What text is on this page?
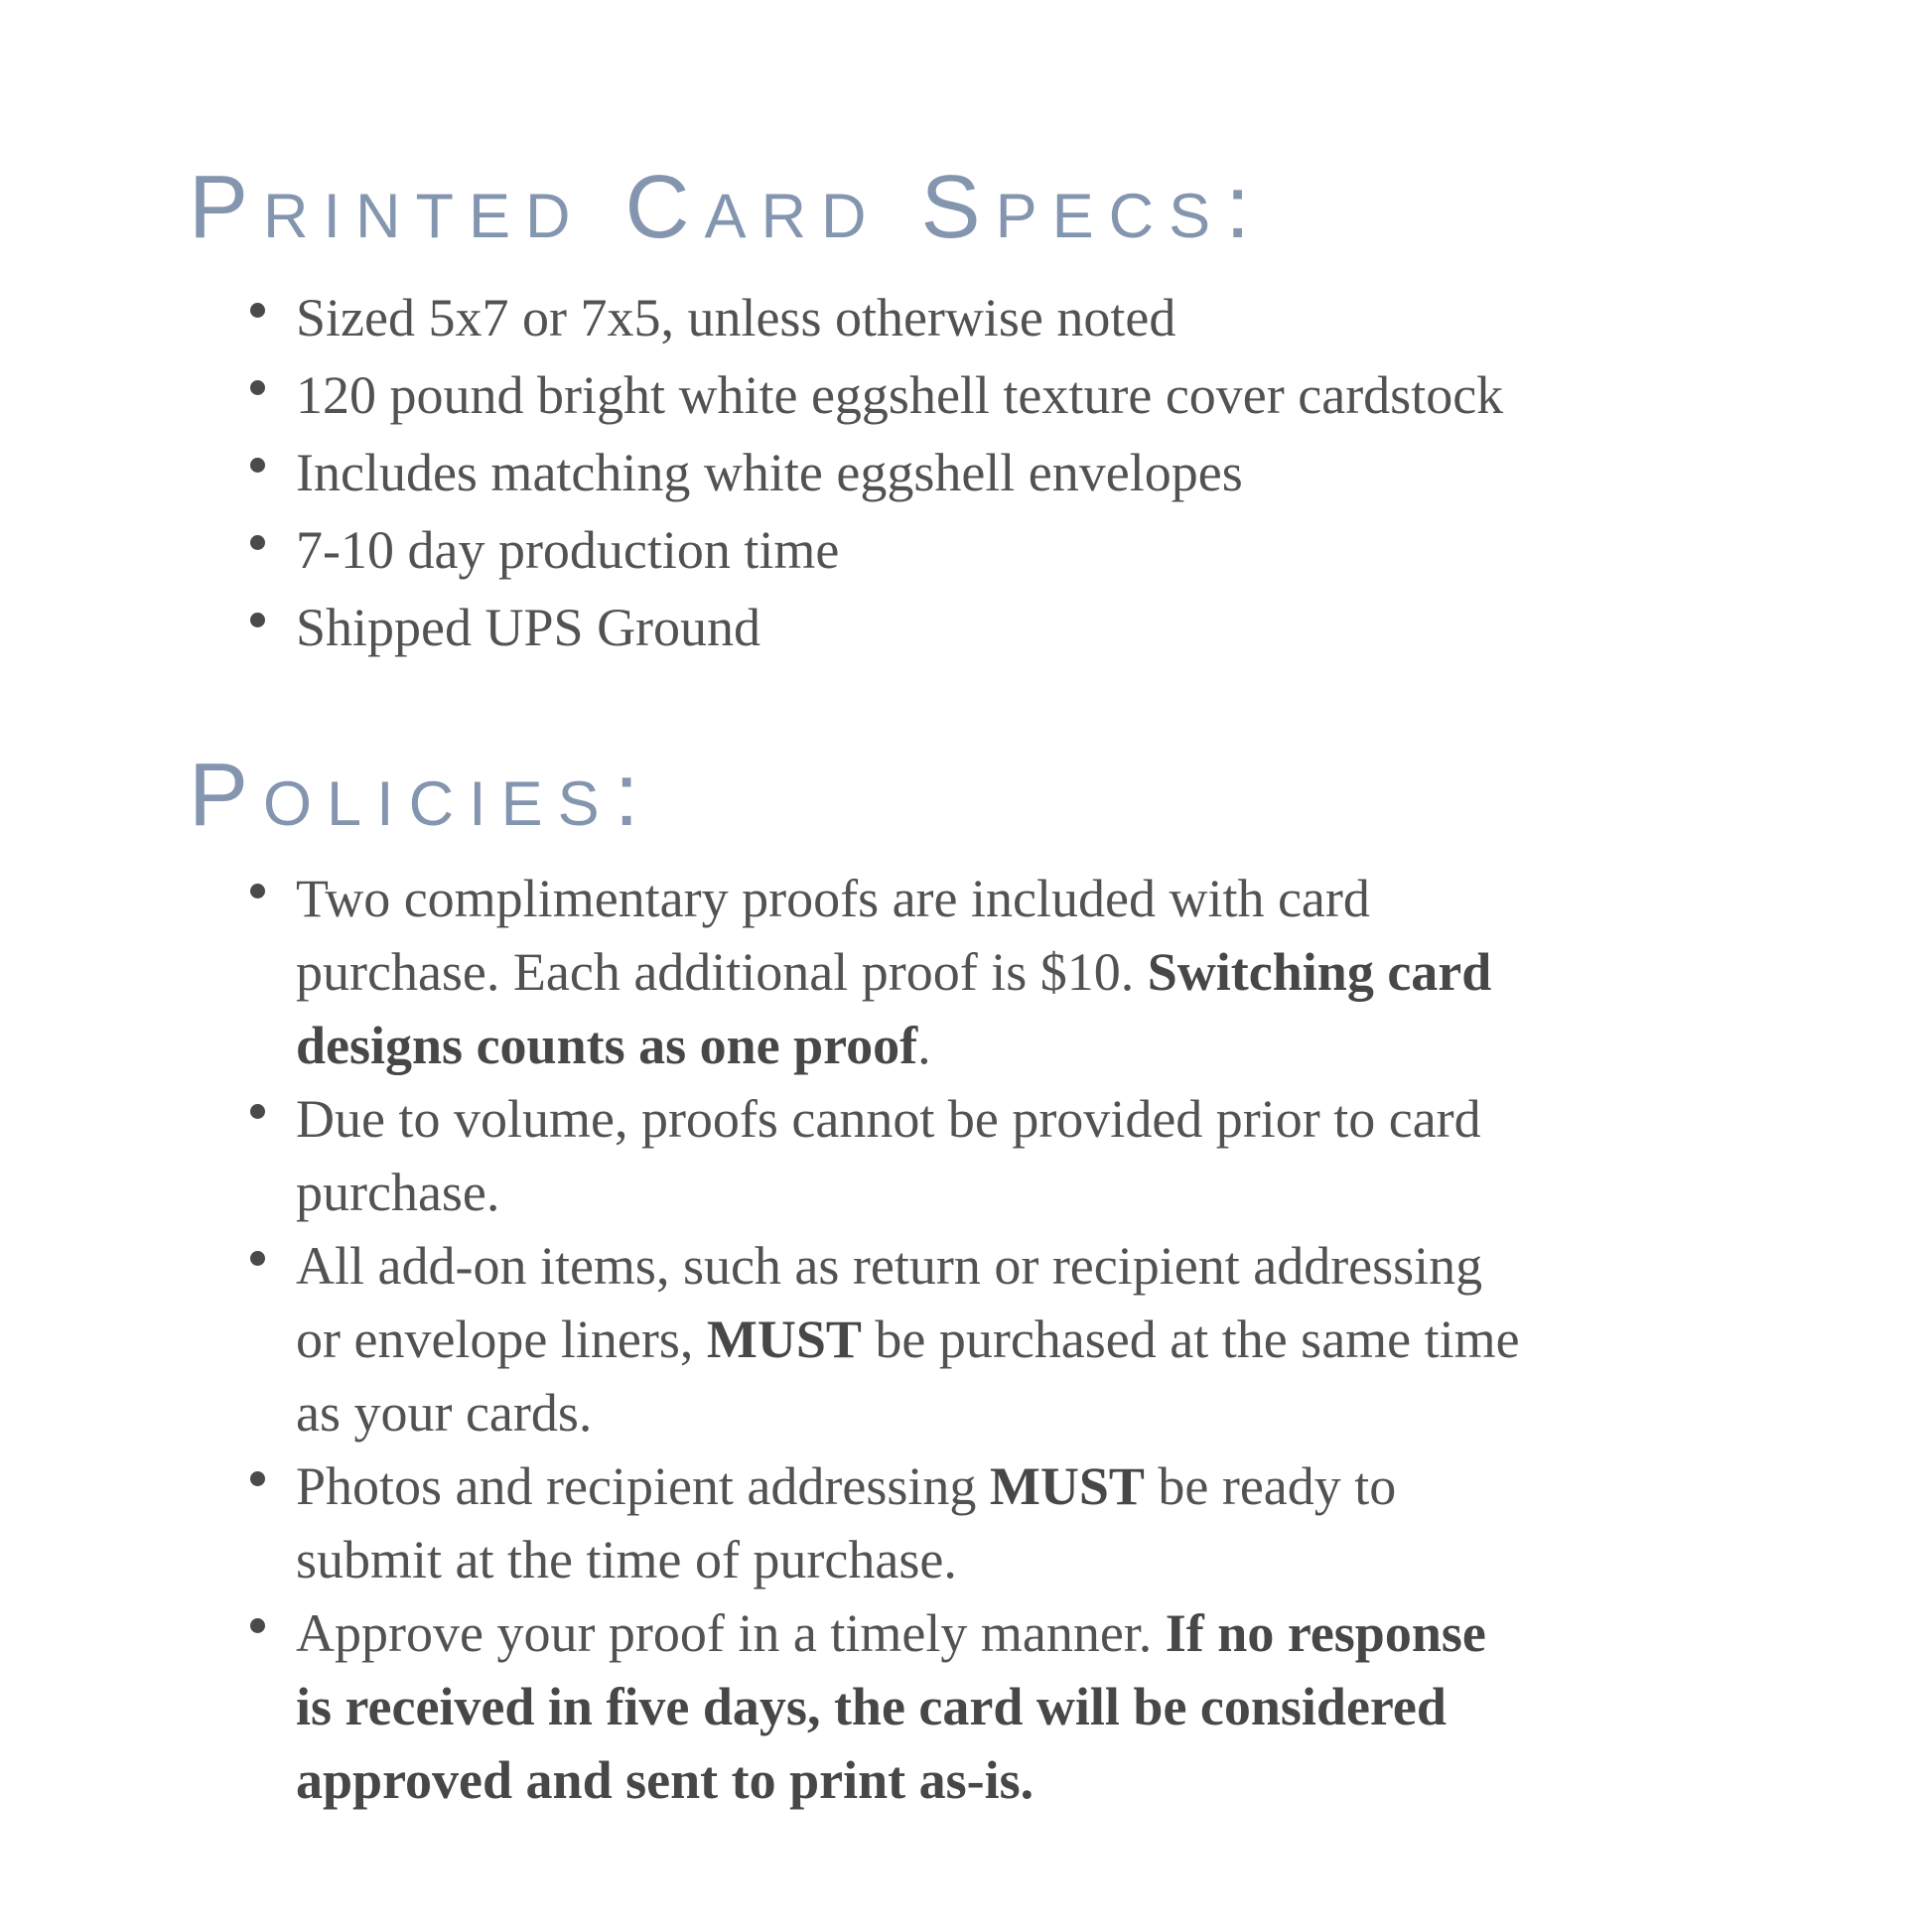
Printed Card Specs:
Sized 5x7 or 7x5, unless otherwise noted
120 pound bright white eggshell texture cover cardstock
Includes matching white eggshell envelopes
7-10 day production time
Shipped UPS Ground
Policies:
Two complimentary proofs are included with card purchase. Each additional proof is $10. Switching card designs counts as one proof.
Due to volume, proofs cannot be provided prior to card purchase.
All add-on items, such as return or recipient addressing or envelope liners, MUST be purchased at the same time as your cards.
Photos and recipient addressing MUST be ready to submit at the time of purchase.
Approve your proof in a timely manner. If no response is received in five days, the card will be considered approved and sent to print as-is.
